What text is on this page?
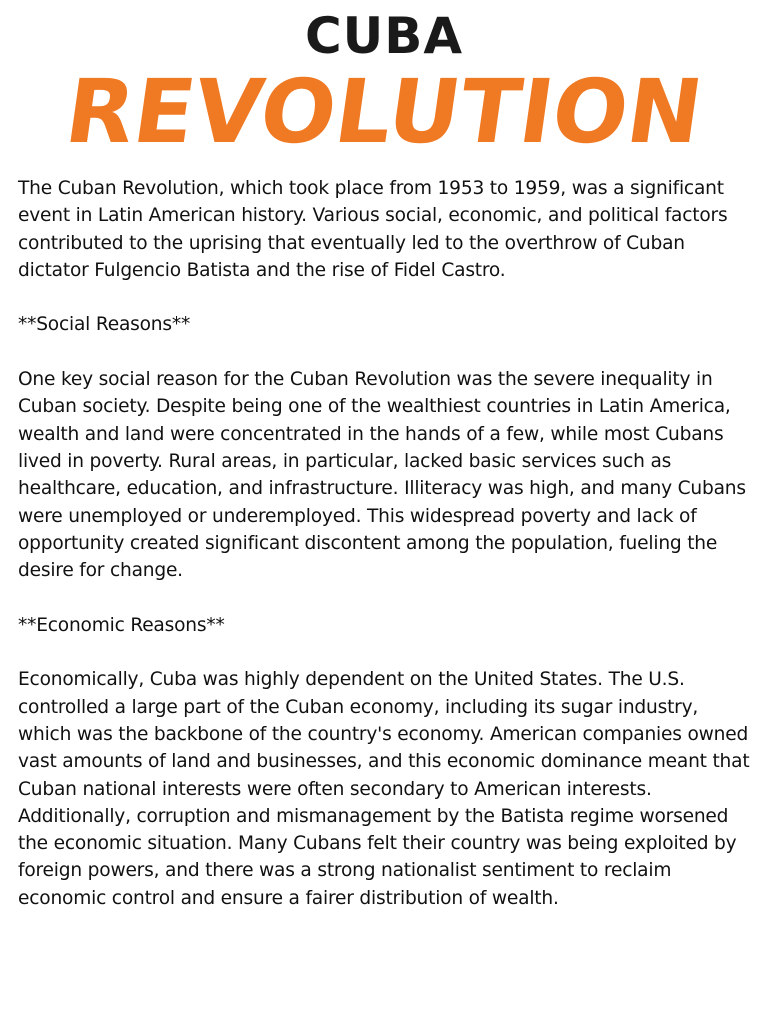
CUBA
REVOLUTION

The Cuban Revolution, which took place from 1953 to 1959, was a significant event in Latin American history. Various social, economic, and political factors contributed to the uprising that eventually led to the overthrow of Cuban dictator Fulgencio Batista and the rise of Fidel Castro.

**Social Reasons**

One key social reason for the Cuban Revolution was the severe inequality in Cuban society. Despite being one of the wealthiest countries in Latin America, wealth and land were concentrated in the hands of a few, while most Cubans lived in poverty. Rural areas, in particular, lacked basic services such as healthcare, education, and infrastructure. Illiteracy was high, and many Cubans were unemployed or underemployed. This widespread poverty and lack of opportunity created significant discontent among the population, fueling the desire for change.

**Economic Reasons**

Economically, Cuba was highly dependent on the United States. The U.S. controlled a large part of the Cuban economy, including its sugar industry, which was the backbone of the country's economy. American companies owned vast amounts of land and businesses, and this economic dominance meant that Cuban national interests were often secondary to American interests. Additionally, corruption and mismanagement by the Batista regime worsened the economic situation. Many Cubans felt their country was being exploited by foreign powers, and there was a strong nationalist sentiment to reclaim economic control and ensure a fairer distribution of wealth.
